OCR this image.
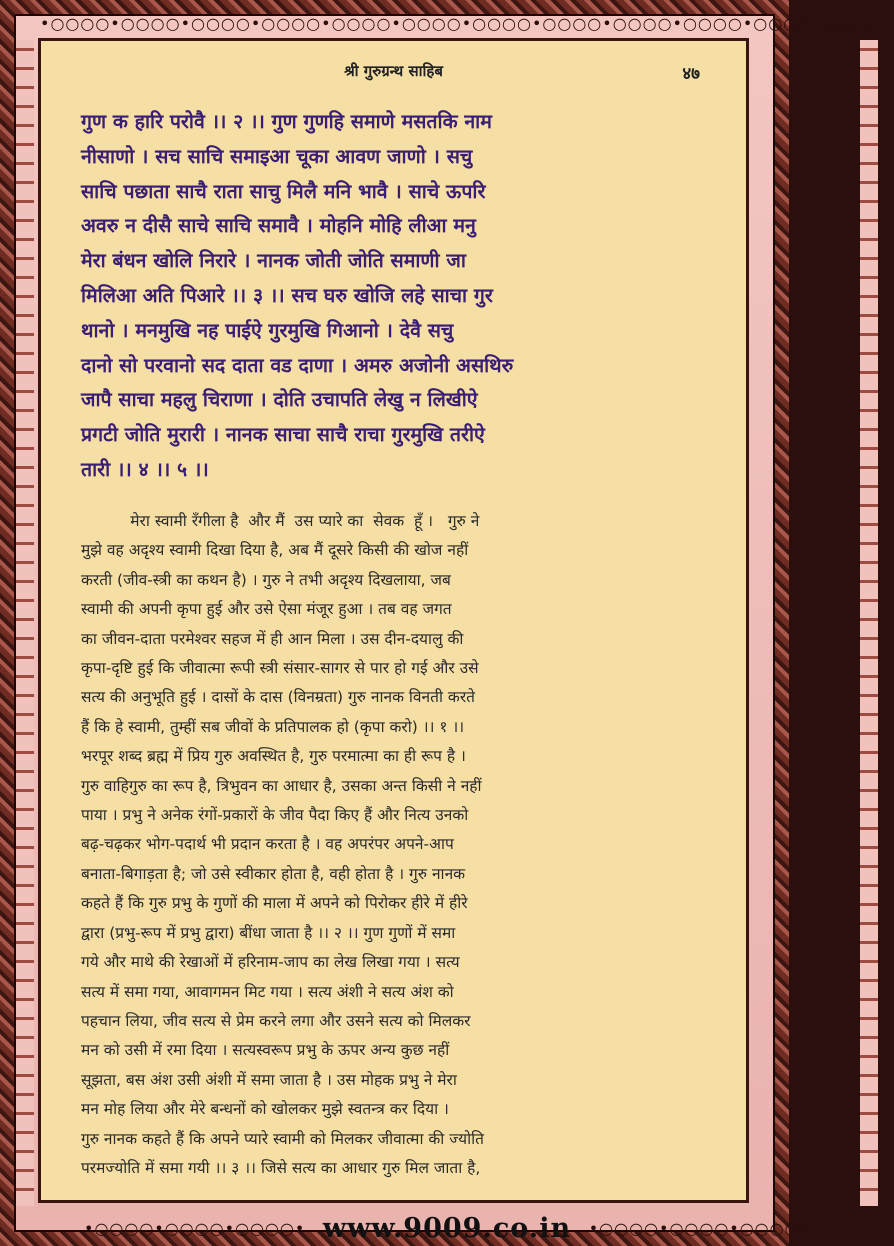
•○○○○•○○○○•○○○○•○○○○•○○○○•○○○○•○○○○•○○○○•○○○○•○○○○•○○○○•○○○○•
श्री गुरुग्रन्थ साहिब	४७
गुण क हारि परोवै ।। २ ।। गुण गुणहि समाणे मसतकि नाम
नीसाणो । सच साचि समाइआ चूका आवण जाणो । सचु
साचि पछाता साचै राता साचु मिलै मनि भावै । साचे ऊपरि
अवरु न दीसै साचे साचि समावै । मोहनि मोहि लीआ मनु
मेरा बंधन खोलि निरारे । नानक जोती जोति समाणी जा
मिलिआ अति पिआरे ।। ३ ।। सच घरु खोजि लहे साचा गुर
थानो । मनमुखि नह पाईऐ गुरमुखि गिआनो । देवै सचु
दानो सो परवानो सद दाता वड दाणा । अमरु अजोनी असथिरु
जापै साचा महलु चिराणा । दोति उचापति लेखु न लिखीऐ
प्रगटी जोति मुरारी । नानक साचा साचै राचा गुरमुखि तरीऐ
तारी ।। ४ ।। ५ ।।
मेरा स्वामी रँगीला है  और मैं  उस प्यारे का  सेवक  हूँ ।   गुरु ने
मुझे वह अदृश्य स्वामी दिखा दिया है, अब मैं दूसरे किसी की खोज नहीं
करती (जीव-स्त्री का कथन है) । गुरु ने तभी अदृश्य दिखलाया, जब
स्वामी की अपनी कृपा हुई और उसे ऐसा मंजूर हुआ । तब वह जगत
का जीवन-दाता परमेश्वर सहज में ही आन मिला । उस दीन-दयालु की
कृपा-दृष्टि हुई कि जीवात्मा रूपी स्त्री संसार-सागर से पार हो गई और उसे
सत्य की अनुभूति हुई । दासों के दास (विनम्रता) गुरु नानक विनती करते
हैं कि हे स्वामी, तुम्हीं सब जीवों के प्रतिपालक हो (कृपा करो) ।। १ ।।
भरपूर शब्द ब्रह्म में प्रिय गुरु अवस्थित है, गुरु परमात्मा का ही रूप है ।
गुरु वाहिगुरु का रूप है, त्रिभुवन का आधार है, उसका अन्त किसी ने नहीं
पाया । प्रभु ने अनेक रंगों-प्रकारों के जीव पैदा किए हैं और नित्य उनको
बढ़-चढ़कर भोग-पदार्थ भी प्रदान करता है । वह अपरंपर अपने-आप
बनाता-बिगाड़ता है; जो उसे स्वीकार होता है, वही होता है । गुरु नानक
कहते हैं कि गुरु प्रभु के गुणों की माला में अपने को पिरोकर हीरे में हीरे
द्वारा (प्रभु-रूप में प्रभु द्वारा) बींधा जाता है ।। २ ।। गुण गुणों में समा
गये और माथे की रेखाओं में हरिनाम-जाप का लेख लिखा गया । सत्य
सत्य में समा गया, आवागमन मिट गया । सत्य अंशी ने सत्य अंश को
पहचान लिया, जीव सत्य से प्रेम करने लगा और उसने सत्य को मिलकर
मन को उसी में रमा दिया । सत्यस्वरूप प्रभु के ऊपर अन्य कुछ नहीं
सूझता, बस अंश उसी अंशी में समा जाता है । उस मोहक प्रभु ने मेरा
मन मोह लिया और मेरे बन्धनों को खोलकर मुझे स्वतन्त्र कर दिया ।
गुरु नानक कहते हैं कि अपने प्यारे स्वामी को मिलकर जीवात्मा की ज्योति
परमज्योति में समा गयी ।। ३ ।। जिसे सत्य का आधार गुरु मिल जाता है,
•○○○○•○○○○•○○○○•	•○○○○•○○○○•○○○○•
www.9009.co.in
